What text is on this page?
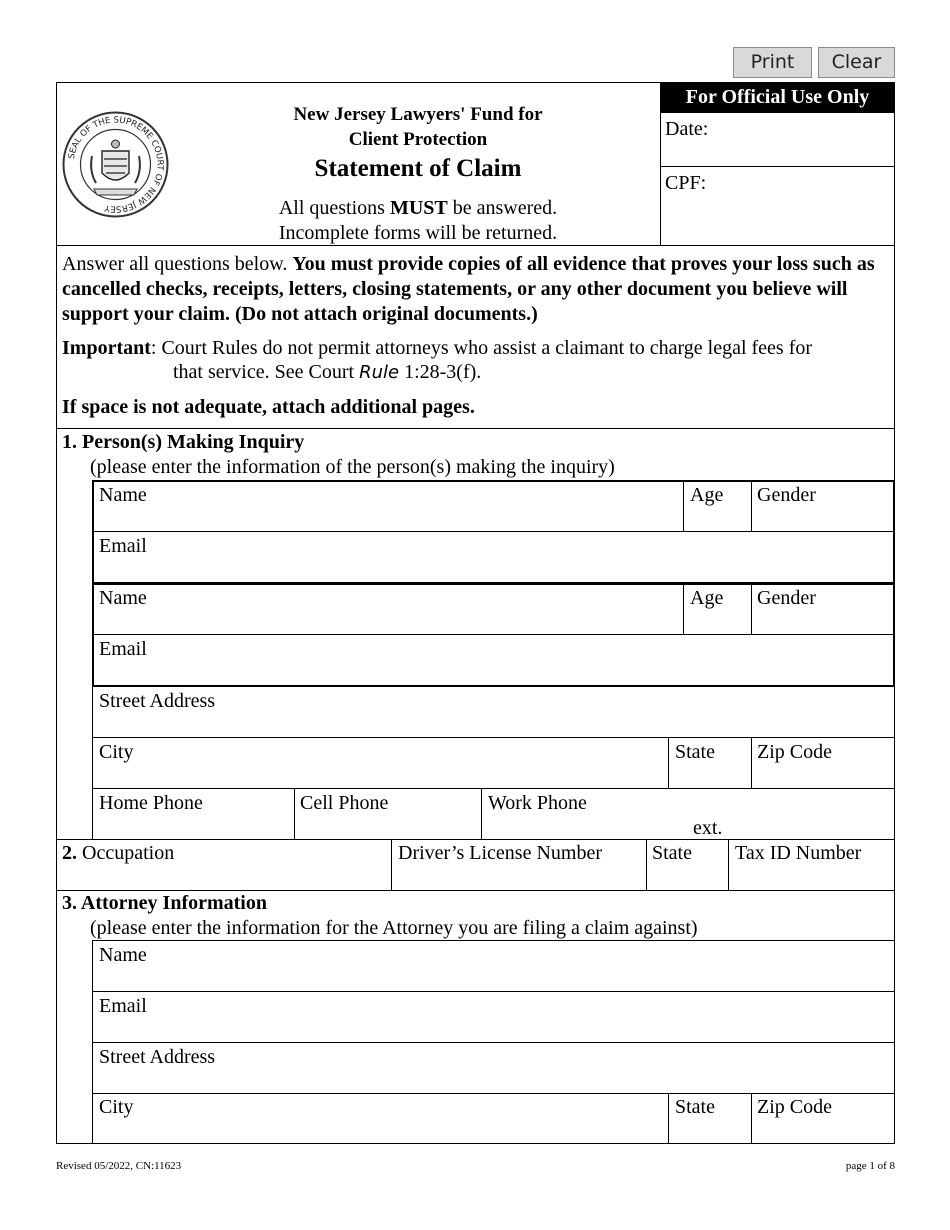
Print	Clear
SEAL OF THE SUPREME COURT OF NEW JERSEY
New Jersey Lawyers' Fund for
Client Protection
Statement of Claim
All questions MUST be answered.
Incomplete forms will be returned.
For Official Use Only
Date:
CPF:
Answer all questions below. You must provide copies of all evidence that proves your loss such as cancelled checks, receipts, letters, closing statements, or any other document you believe will support your claim. (Do not attach original documents.)
Important: Court Rules do not permit attorneys who assist a claimant to charge legal fees for
that service. See Court Rule 1:28-3(f).
If space is not adequate, attach additional pages.
1. Person(s) Making Inquiry
(please enter the information of the person(s) making the inquiry)
Name	Age Gender
Email
Name	Age Gender
Email
Street Address
City	State Zip Code
Home Phone	Cell Phone	Work Phone
ext.
2. Occupation	Driver’s License Number State Tax ID Number
3. Attorney Information
(please enter the information for the Attorney you are filing a claim against)
Name
Email
Street Address
City	State Zip Code
Revised 05/2022, CN:11623	page 1 of 8
